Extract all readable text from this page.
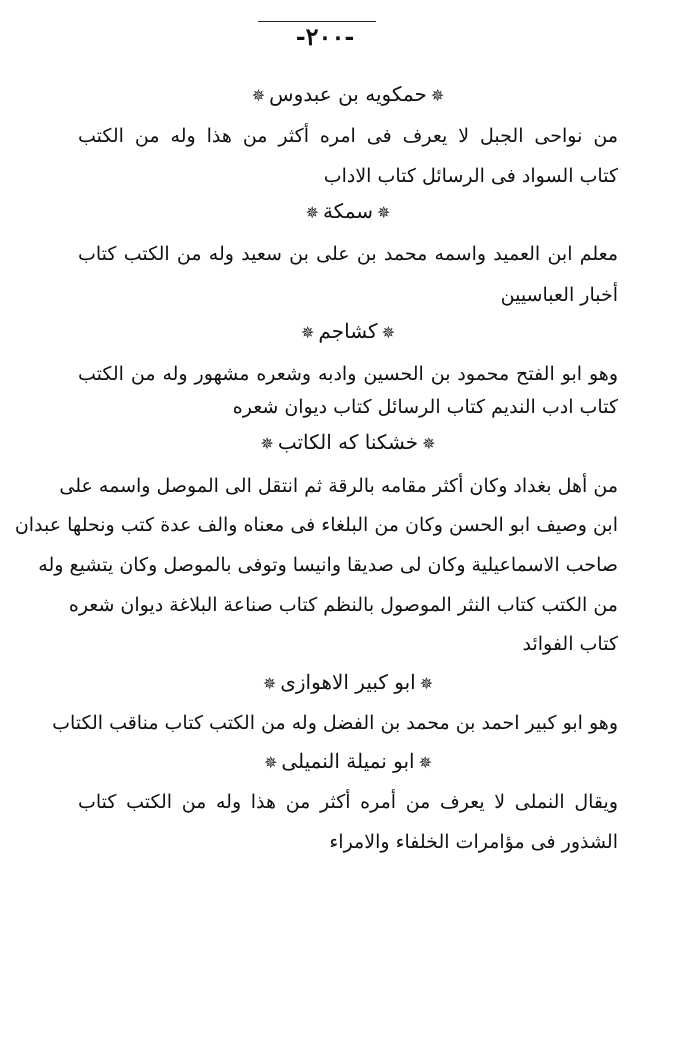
-٢٠٠-
✵حمكويه بن عبدوس✵
من نواحى الجبل لا يعرف فى امره أكثر من هذا وله من الكتب
كتاب السواد فى الرسائل كتاب الاداب
✵سمكة✵
معلم ابن العميد واسمه محمد بن على بن سعيد وله من الكتب كتاب
أخبار العباسيين
✵كشاجم✵
وهو ابو الفتح محمود بن الحسين وادبه وشعره مشهور وله من الكتب
كتاب ادب النديم كتاب الرسائل كتاب ديوان شعره
✵خشكنا كه الكاتب✵
من أهل بغداد وكان أكثر مقامه بالرقة ثم انتقل الى الموصل واسمه على
ابن وصيف ابو الحسن وكان من البلغاء فى معناه والف عدة كتب ونحلها عبدان
صاحب الاسماعيلية وكان لى صديقا وانيسا وتوفى بالموصل وكان يتشيع وله
من الكتب كتاب النثر الموصول بالنظم كتاب صناعة البلاغة ديوان شعره
كتاب الفوائد
✵ابو كبير الاهوازى✵
وهو ابو كبير احمد بن محمد بن الفضل وله من الكتب كتاب مناقب الكتاب
✵ابو نميلة النميلى✵
ويقال النملى لا يعرف من أمره أكثر من هذا وله من الكتب كتاب
الشذور فى مؤامرات الخلفاء والامراء
